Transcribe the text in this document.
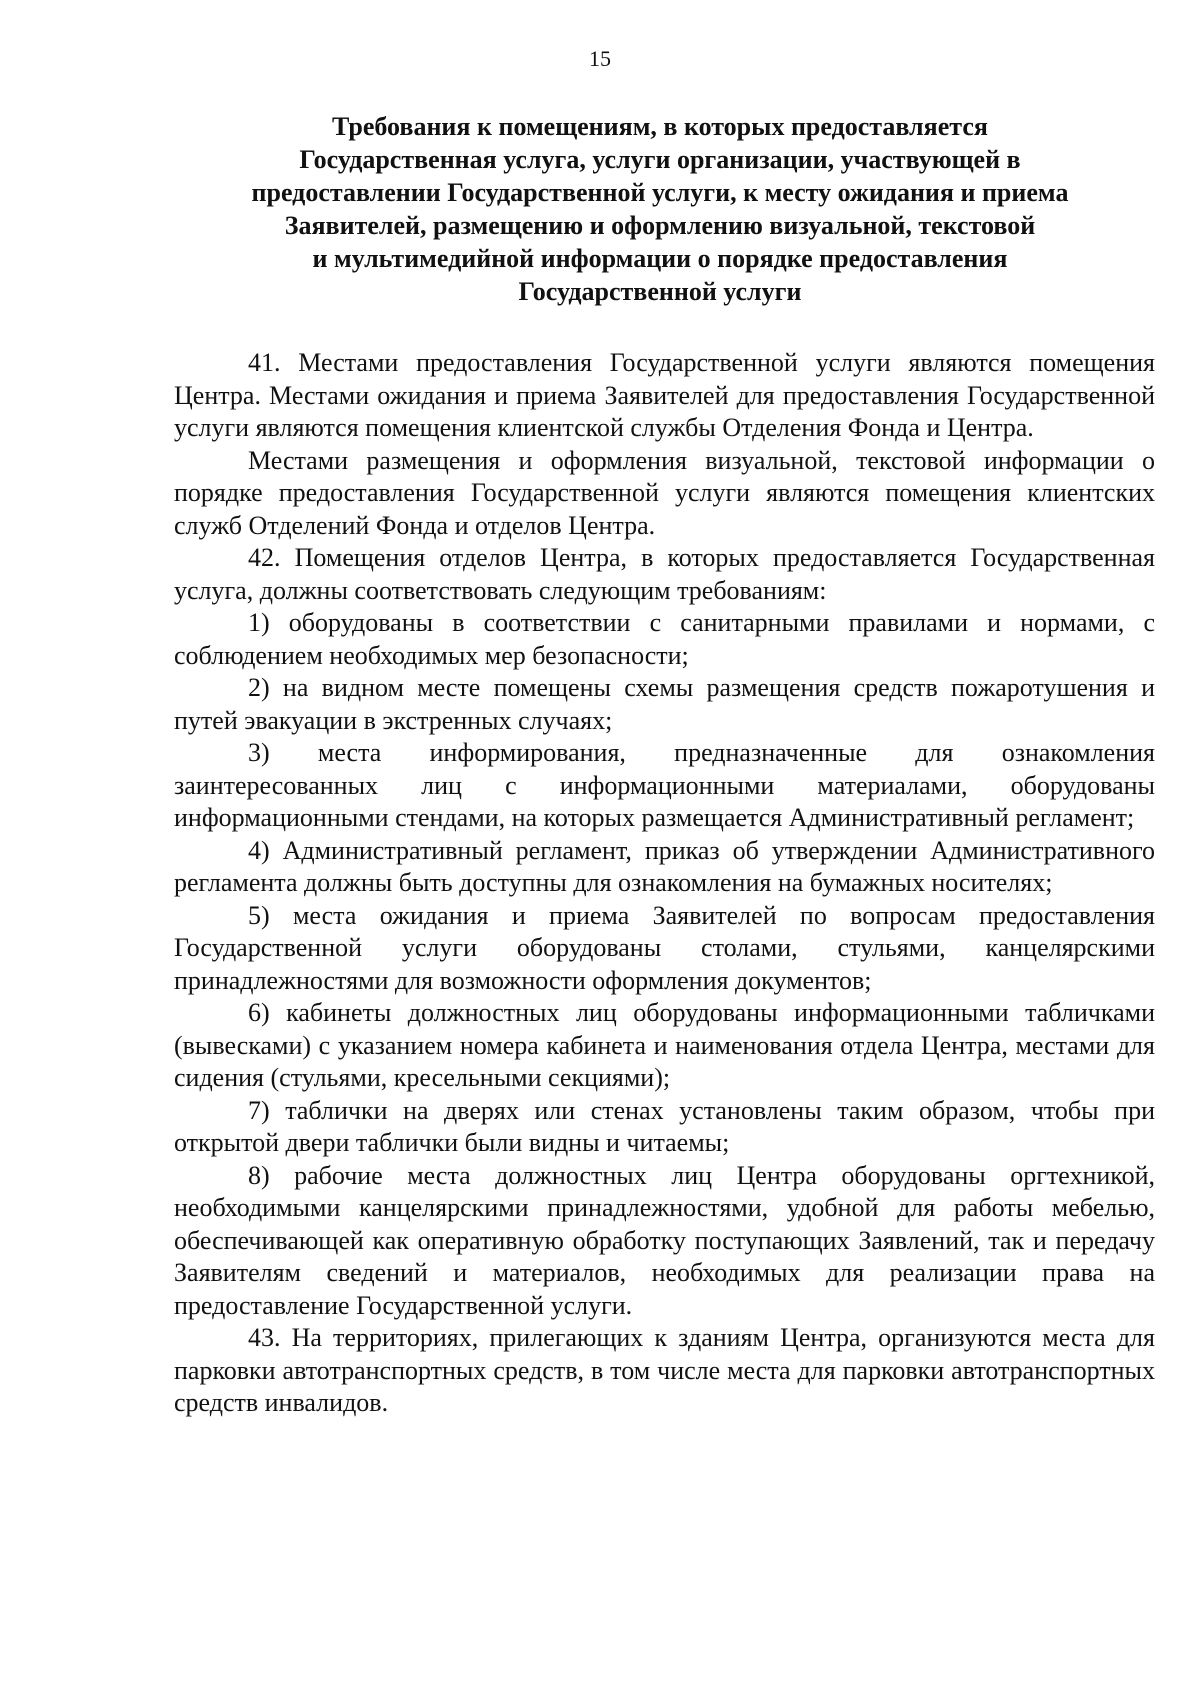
15
Требования к помещениям, в которых предоставляется
Государственная услуга, услуги организации, участвующей в
предоставлении Государственной услуги, к месту ожидания и приема
Заявителей, размещению и оформлению визуальной, текстовой
и мультимедийной информации о порядке предоставления
Государственной услуги

41. Местами предоставления Государственной услуги являются помещения Центра. Местами ожидания и приема Заявителей для предоставления Государственной услуги являются помещения клиентской службы Отделения Фонда и Центра.

Местами размещения и оформления визуальной, текстовой информации о порядке предоставления Государственной услуги являются помещения клиентских служб Отделений Фонда и отделов Центра.

42. Помещения отделов Центра, в которых предоставляется Государственная услуга, должны соответствовать следующим требованиям:

1) оборудованы в соответствии с санитарными правилами и нормами, с соблюдением необходимых мер безопасности;

2) на видном месте помещены схемы размещения средств пожаротушения и путей эвакуации в экстренных случаях;

3) места информирования, предназначенные для ознакомления заинтересованных лиц с информационными материалами, оборудованы информационными стендами, на которых размещается Административный регламент;

4) Административный регламент, приказ об утверждении Административного регламента должны быть доступны для ознакомления на бумажных носителях;

5) места ожидания и приема Заявителей по вопросам предоставления Государственной услуги оборудованы столами, стульями, канцелярскими принадлежностями для возможности оформления документов;

6) кабинеты должностных лиц оборудованы информационными табличками (вывесками) с указанием номера кабинета и наименования отдела Центра, местами для сидения (стульями, кресельными секциями);

7) таблички на дверях или стенах установлены таким образом, чтобы при открытой двери таблички были видны и читаемы;

8) рабочие места должностных лиц Центра оборудованы оргтехникой, необходимыми канцелярскими принадлежностями, удобной для работы мебелью, обеспечивающей как оперативную обработку поступающих Заявлений, так и передачу Заявителям сведений и материалов, необходимых для реализации права на предоставление Государственной услуги.

43. На территориях, прилегающих к зданиям Центра, организуются места для парковки автотранспортных средств, в том числе места для парковки автотранспортных средств инвалидов.
